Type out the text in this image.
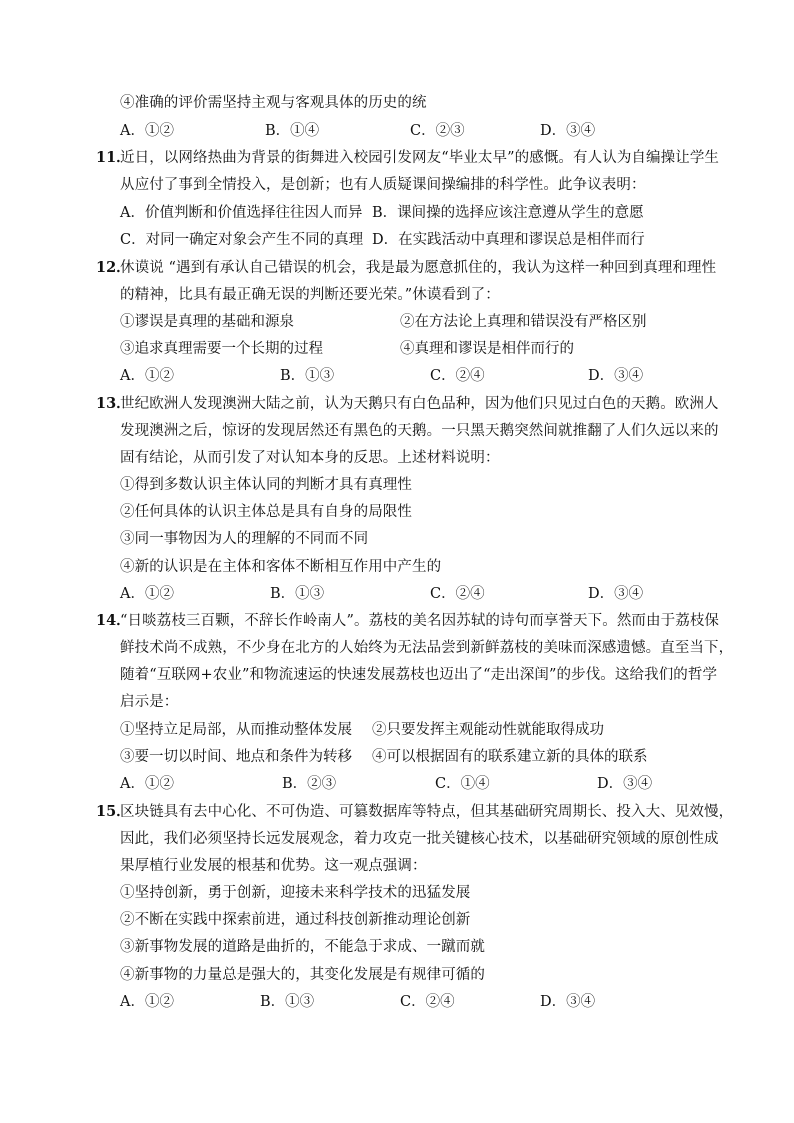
④准确的评价需坚持主观与客观具体的历史的统
A．①②	B．①④	C．②③	D．③④
11．
近日，以网络热曲为背景的街舞进入校园引发网友“毕业太早”的感慨。有人认为自编操让学生
从应付了事到全情投入，是创新；也有人质疑课间操编排的科学性。此争议表明：
A．价值判断和价值选择往往因人而异 B．课间操的选择应该注意遵从学生的意愿
C．对同一确定对象会产生不同的真理 D．在实践活动中真理和谬误总是相伴而行
12．
休谟说 “遇到有承认自己错误的机会，我是最为愿意抓住的，我认为这样一种回到真理和理性
的精神，比具有最正确无误的判断还要光荣。”休谟看到了：
①谬误是真理的基础和源泉	②在方法论上真理和错误没有严格区别
③追求真理需要一个长期的过程	④真理和谬误是相伴而行的
A．①②	B．①③	C．②④	D．③④
13．
世纪欧洲人发现澳洲大陆之前，认为天鹅只有白色品种，因为他们只见过白色的天鹅。欧洲人
发现澳洲之后，惊讶的发现居然还有黑色的天鹅。一只黑天鹅突然间就推翻了人们久远以来的
固有结论，从而引发了对认知本身的反思。上述材料说明：
①得到多数认识主体认同的判断才具有真理性
②任何具体的认识主体总是具有自身的局限性
③同一事物因为人的理解的不同而不同
④新的认识是在主体和客体不断相互作用中产生的
A．①②	B．①③	C．②④	D．③④
14．
“日啖荔枝三百颗，不辞长作岭南人”。荔枝的美名因苏轼的诗句而享誉天下。然而由于荔枝保
鲜技术尚不成熟，不少身在北方的人始终为无法品尝到新鲜荔枝的美味而深感遗憾。直至当下，
随着“互联网+农业”和物流速运的快速发展荔枝也迈出了“走出深闺”的步伐。这给我们的哲学
启示是：
①坚持立足局部，从而推动整体发展 ②只要发挥主观能动性就能取得成功
③要一切以时间、地点和条件为转移 ④可以根据固有的联系建立新的具体的联系
A．①②	B．②③	C．①④	D．③④
15．
区块链具有去中心化、不可伪造、可篡数据库等特点，但其基础研究周期长、投入大、见效慢，
因此，我们必须坚持长远发展观念，着力攻克一批关键核心技术，以基础研究领域的原创性成
果厚植行业发展的根基和优势。这一观点强调：
①坚持创新，勇于创新，迎接未来科学技术的迅猛发展
②不断在实践中探索前进，通过科技创新推动理论创新
③新事物发展的道路是曲折的，不能急于求成、一蹴而就
④新事物的力量总是强大的，其变化发展是有规律可循的
A．①②	B．①③	C．②④	D．③④
